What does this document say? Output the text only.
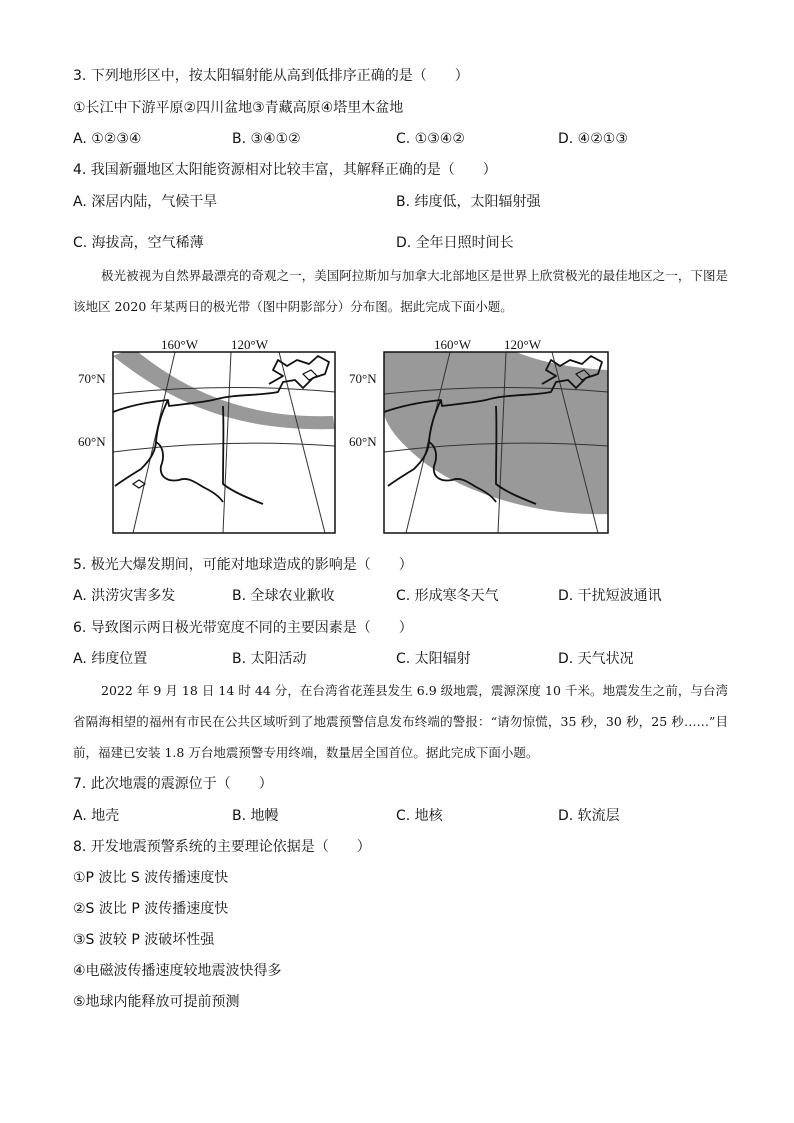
3. 下列地形区中，按太阳辐射能从高到低排序正确的是（　　）
①长江中下游平原②四川盆地③青藏高原④塔里木盆地
A. ①②③④	B. ③④①②	C. ①③④②	D. ④②①③
4. 我国新疆地区太阳能资源相对比较丰富，其解释正确的是（　　）
A. 深居内陆，气候干旱	B. 纬度低，太阳辐射强
C. 海拔高，空气稀薄	D. 全年日照时间长
极光被视为自然界最漂亮的奇观之一，美国阿拉斯加与加拿大北部地区是世界上欣赏极光的最佳地区之一，下图是该地区 2020 年某两日的极光带（图中阴影部分）分布图。据此完成下面小题。
160°W	120°W
70°N
60°N
160°W	120°W
70°N
60°N
5. 极光大爆发期间，可能对地球造成的影响是（　　）
A. 洪涝灾害多发	B. 全球农业歉收	C. 形成寒冬天气	D. 干扰短波通讯
6. 导致图示两日极光带宽度不同的主要因素是（　　）
A. 纬度位置	B. 太阳活动	C. 太阳辐射	D. 天气状况
2022 年 9 月 18 日 14 时 44 分，在台湾省花莲县发生 6.9 级地震，震源深度 10 千米。地震发生之前，与台湾省隔海相望的福州有市民在公共区域听到了地震预警信息发布终端的警报：“请勿惊慌，35 秒，30 秒，25 秒……”目前，福建已安装 1.8 万台地震预警专用终端，数量居全国首位。据此完成下面小题。
7. 此次地震的震源位于（　　）
A. 地壳	B. 地幔	C. 地核	D. 软流层
8. 开发地震预警系统的主要理论依据是（　　）
①P 波比 S 波传播速度快
②S 波比 P 波传播速度快
③S 波较 P 波破坏性强
④电磁波传播速度较地震波快得多
⑤地球内能释放可提前预测
